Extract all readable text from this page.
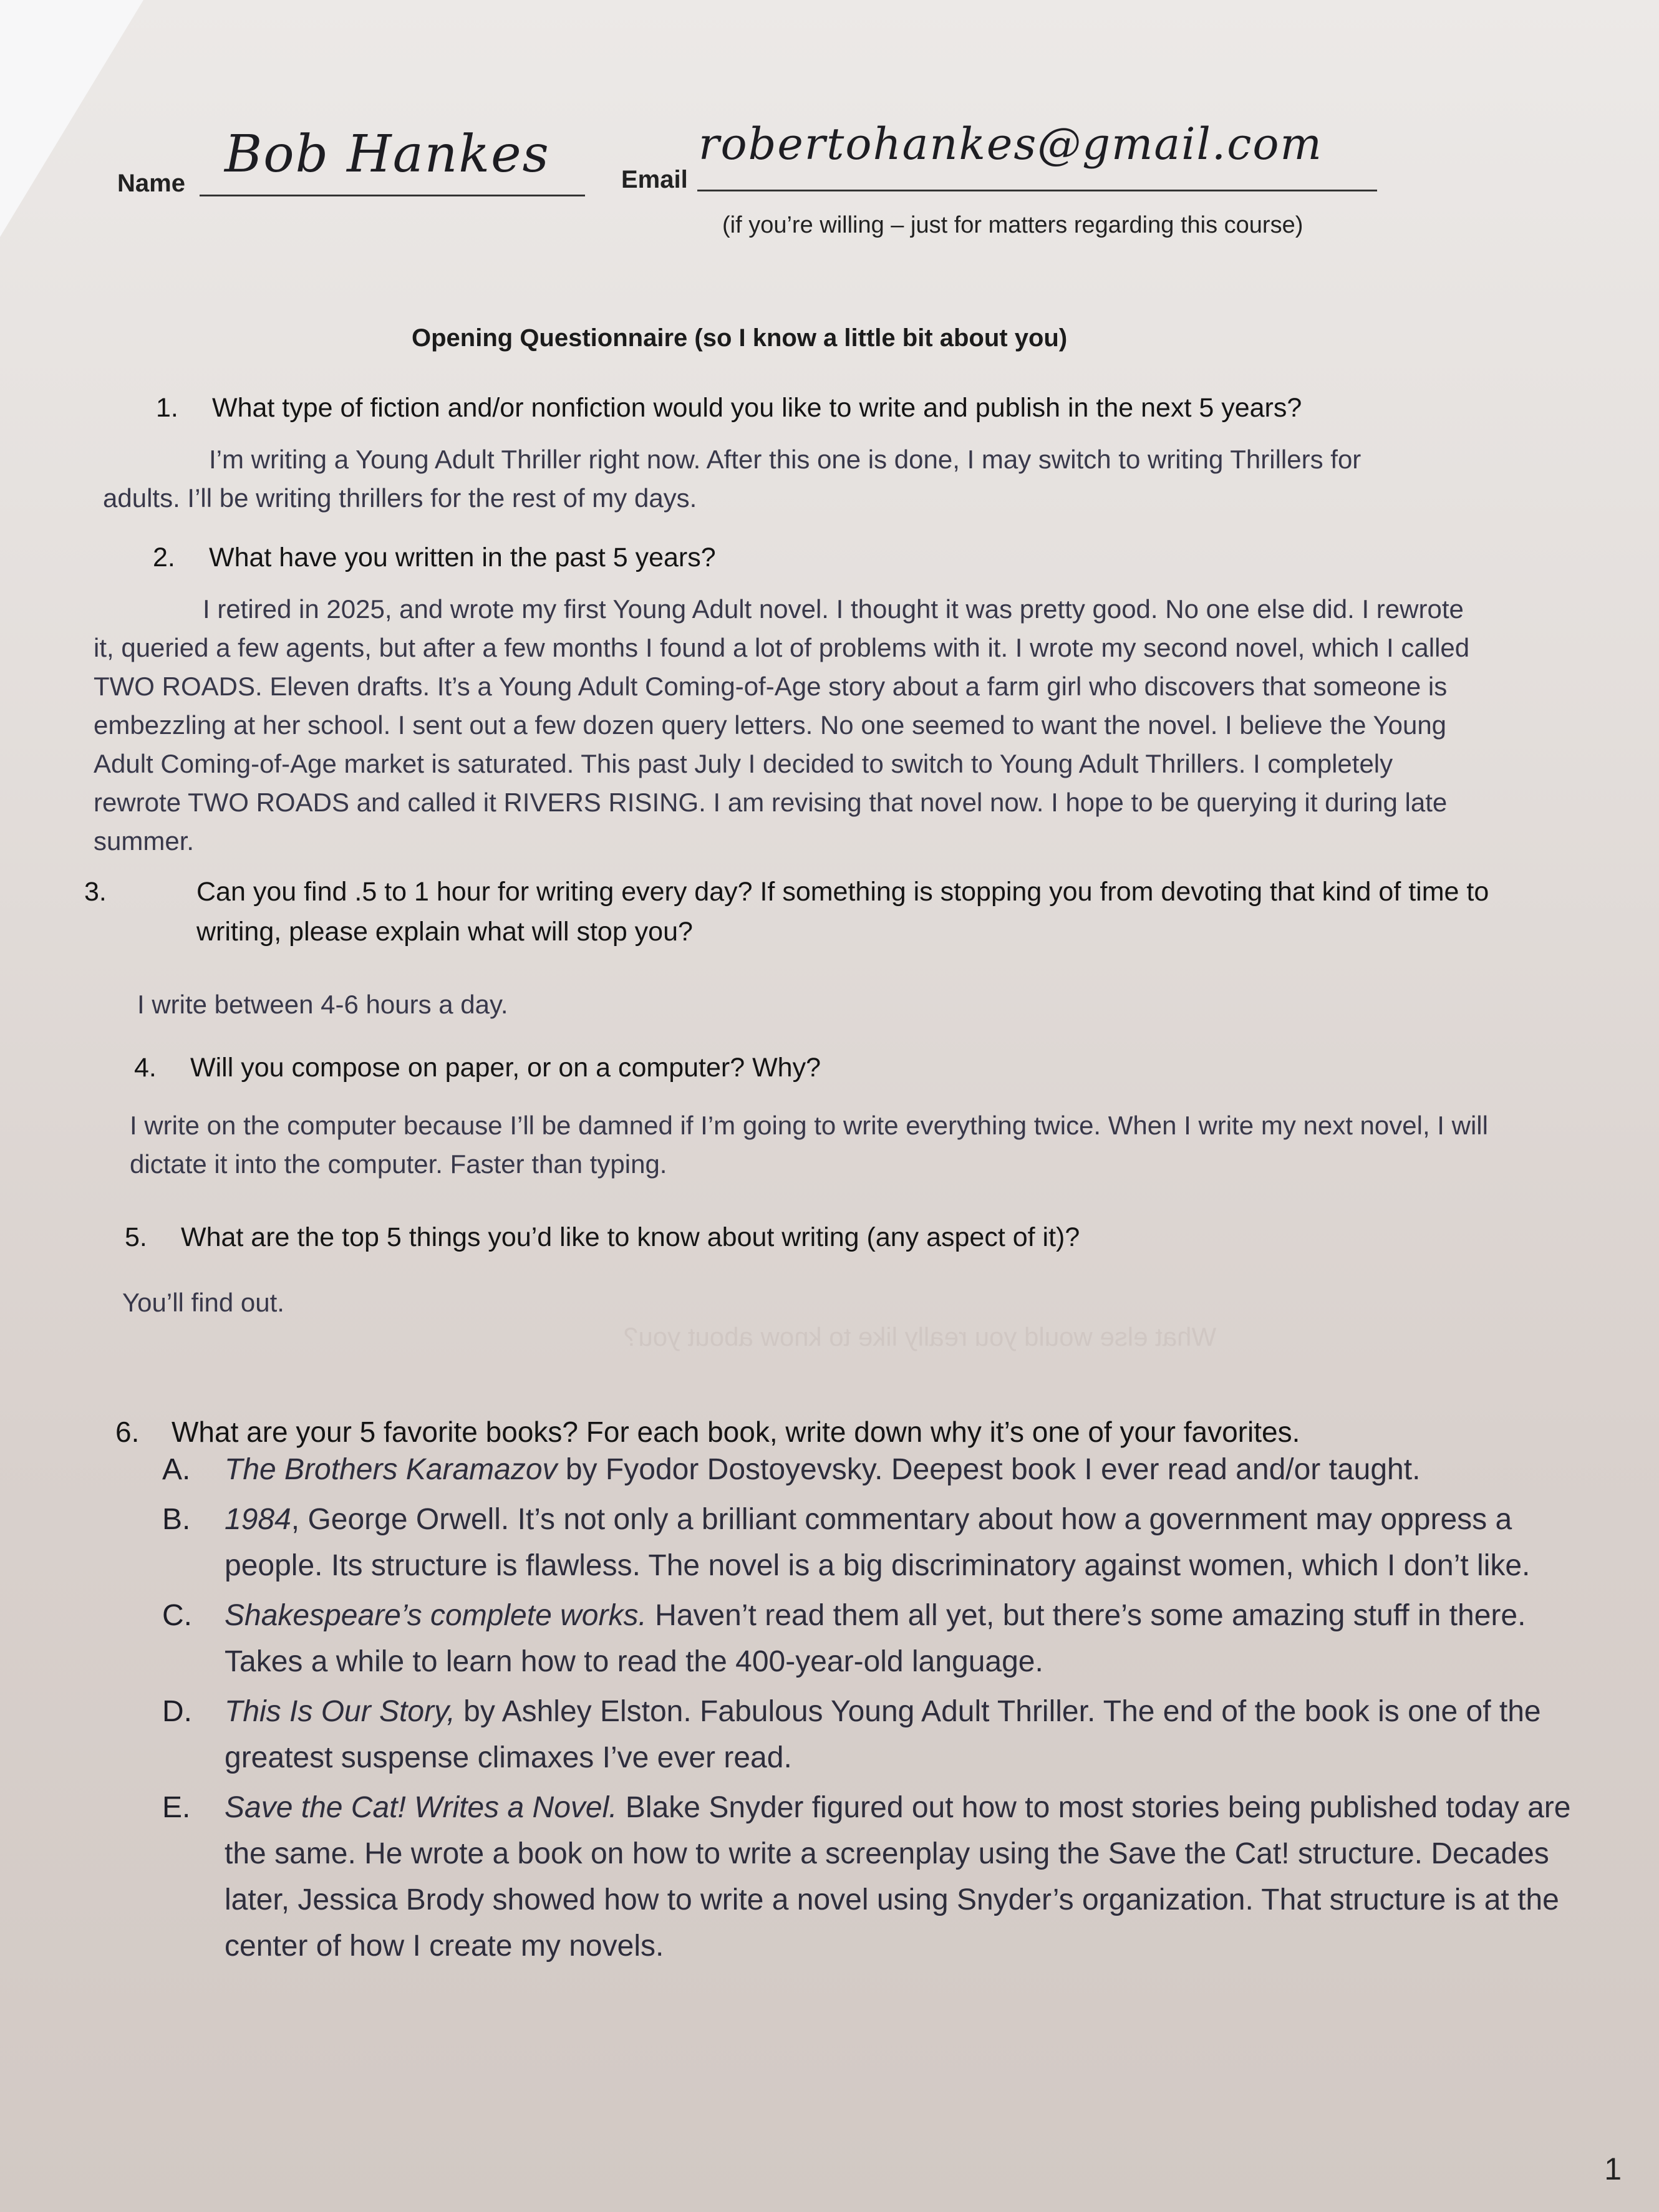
What else would you really like to know about you?
Name Bob Hankes	Email
robertohankes@gmail.com
(if you’re willing – just for matters regarding this course)
Opening Questionnaire (so I know a little bit about you)
1. What type of fiction and/or nonfiction would you like to write and publish in the next 5 years?
I’m writing a Young Adult Thriller right now. After this one is done, I may switch to writing Thrillers for adults. I’ll be writing thrillers for the rest of my days.
2. What have you written in the past 5 years?
I retired in 2025, and wrote my first Young Adult novel. I thought it was pretty good. No one else did. I rewrote it, queried a few agents, but after a few months I found a lot of problems with it. I wrote my second novel, which I called TWO ROADS. Eleven drafts. It’s a Young Adult Coming-of-Age story about a farm girl who discovers that someone is embezzling at her school. I sent out a few dozen query letters. No one seemed to want the novel. I believe the Young Adult Coming-of-Age market is saturated. This past July I decided to switch to Young Adult Thrillers. I completely rewrote TWO ROADS and called it RIVERS RISING. I am revising that novel now. I hope to be querying it during late summer.
3.	Can you find .5 to 1 hour for writing every day? If something is stopping you from devoting that kind of time to writing, please explain what will stop you?
I write between 4-6 hours a day.
4. Will you compose on paper, or on a computer? Why?
I write on the computer because I’ll be damned if I’m going to write everything twice. When I write my next novel, I will dictate it into the computer. Faster than typing.
5. What are the top 5 things you’d like to know about writing (any aspect of it)?
You’ll find out.
6. What are your 5 favorite books? For each book, write down why it’s one of your favorites.
A. The Brothers Karamazov by Fyodor Dostoyevsky. Deepest book I ever read and/or taught.
B. 1984, George Orwell. It’s not only a brilliant commentary about how a government may oppress a people. Its structure is flawless. The novel is a big discriminatory against women, which I don’t like.
C. Shakespeare’s complete works. Haven’t read them all yet, but there’s some amazing stuff in there. Takes a while to learn how to read the 400-year-old language.
D. This Is Our Story, by Ashley Elston. Fabulous Young Adult Thriller. The end of the book is one of the greatest suspense climaxes I’ve ever read.
E. Save the Cat! Writes a Novel. Blake Snyder figured out how to most stories being published today are the same. He wrote a book on how to write a screenplay using the Save the Cat! structure. Decades later, Jessica Brody showed how to write a novel using Snyder’s organization. That structure is at the center of how I create my novels.
1
